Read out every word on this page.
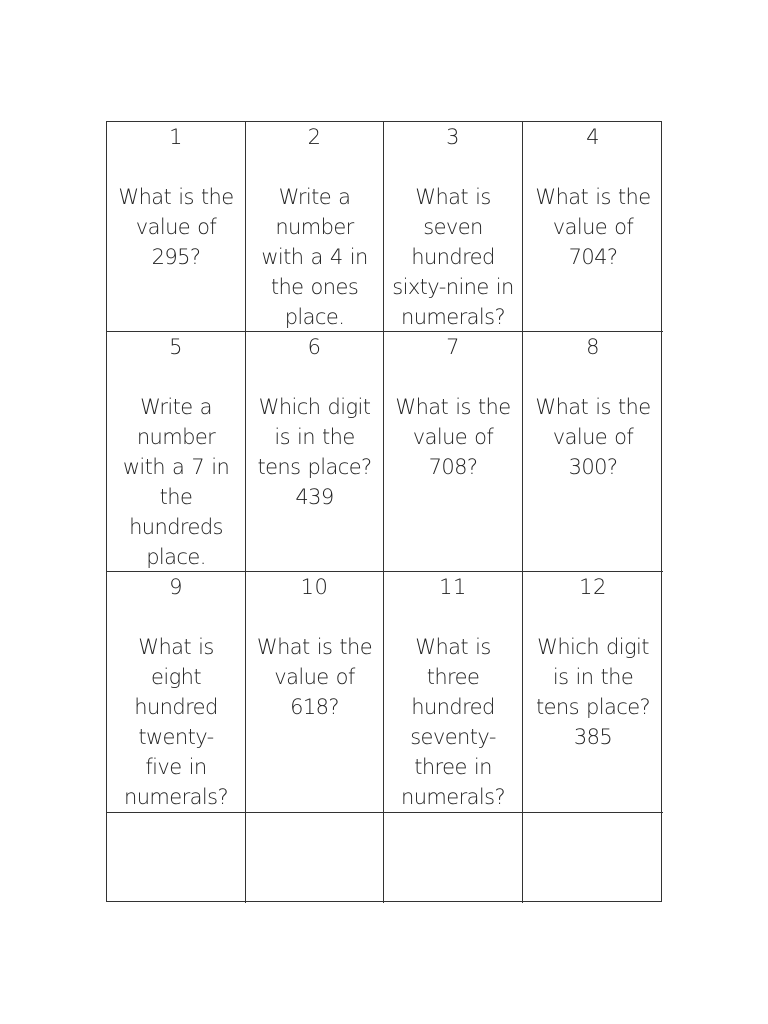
1
What is the
value of
295?
2
Write a
number
with a 4 in
the ones
place.
3
What is
seven
hundred
sixty-nine in
numerals?
4
What is the
value of
704?
5
Write a
number
with a 7 in
the
hundreds
place.
6
Which digit
is in the
tens place?
439
7
What is the
value of
708?
8
What is the
value of
300?
9
What is
eight
hundred
twenty-
five in
numerals?
10
What is the
value of
618?
11
What is
three
hundred
seventy-
three in
numerals?
12
Which digit
is in the
tens place?
385
